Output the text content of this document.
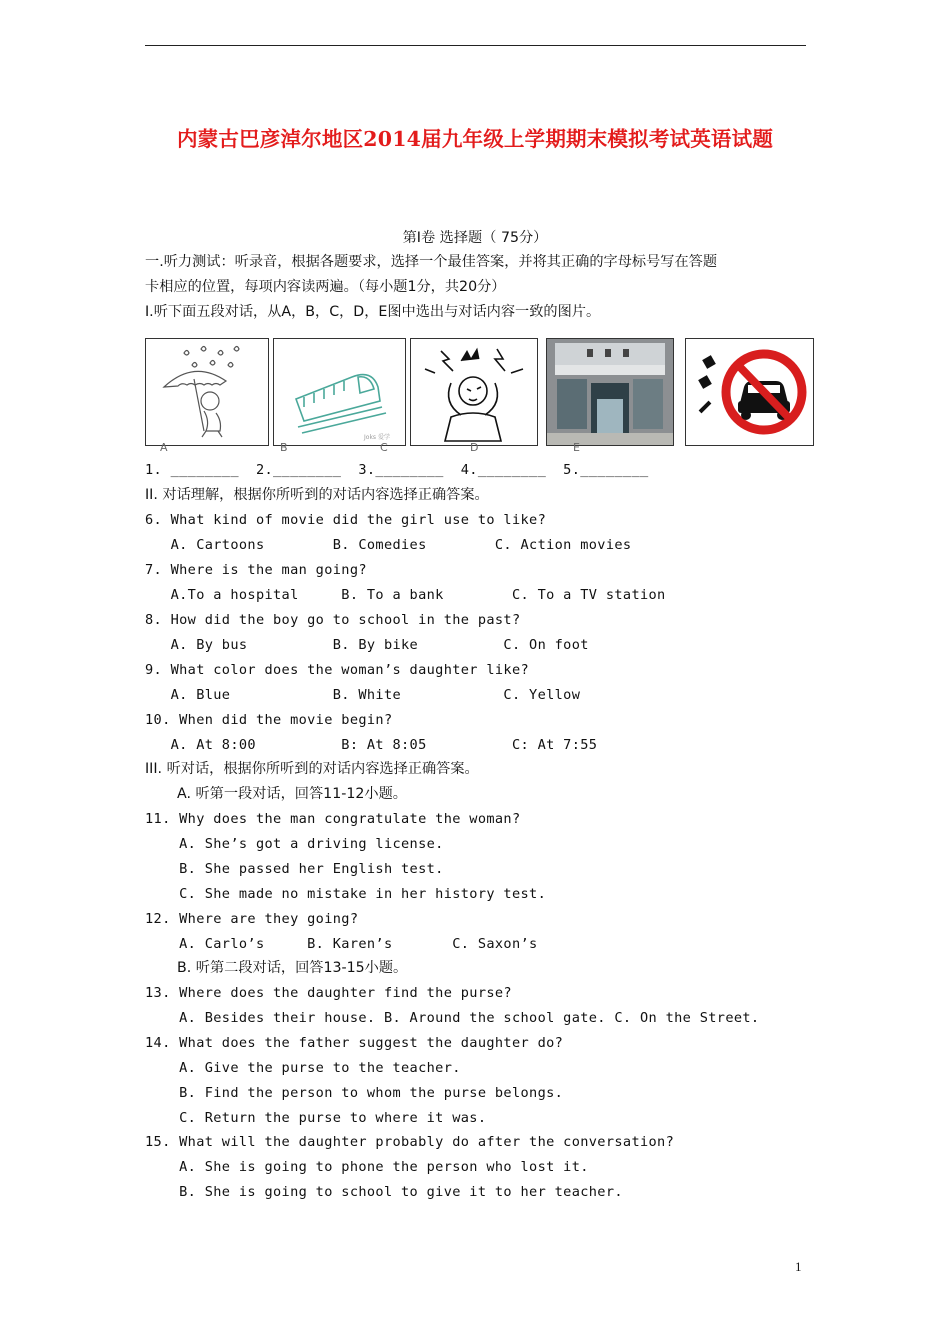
内蒙古巴彦淖尔地区2014届九年级上学期期末模拟考试英语试题
第Ⅰ卷 选择题（ 75分）
一.听力测试：听录音，根据各题要求，选择一个最佳答案，并将其正确的字母标号写在答题
卡相应的位置，每项内容读两遍。（每小题1分，共20分）
I.听下面五段对话，从A，B，C，D，E图中选出与对话内容一致的图片。
Joks 爱学
A	B	C	D	E
1. ________  2.________  3.________  4.________  5.________
II. 对话理解，根据你所听到的对话内容选择正确答案。
6. What kind of movie did the girl use to like?
A. Cartoons        B. Comedies        C. Action movies
7. Where is the man going?
A.To a hospital     B. To a bank        C. To a TV station
8. How did the boy go to school in the past?
A. By bus          B. By bike          C. On foot
9. What color does the woman’s daughter like?
A. Blue            B. White            C. Yellow
10. When did the movie begin?
A. At 8:00          B: At 8:05          C: At 7:55
III. 听对话，根据你所听到的对话内容选择正确答案。
A. 听第一段对话，回答11-12小题。
11. Why does the man congratulate the woman?
A. She’s got a driving license.
B. She passed her English test.
C. She made no mistake in her history test.
12. Where are they going?
A. Carlo’s     B. Karen’s       C. Saxon’s
B. 听第二段对话，回答13-15小题。
13. Where does the daughter find the purse?
A. Besides their house. B. Around the school gate. C. On the Street.
14. What does the father suggest the daughter do?
A. Give the purse to the teacher.
B. Find the person to whom the purse belongs.
C. Return the purse to where it was.
15. What will the daughter probably do after the conversation?
A. She is going to phone the person who lost it.
B. She is going to school to give it to her teacher.
1
